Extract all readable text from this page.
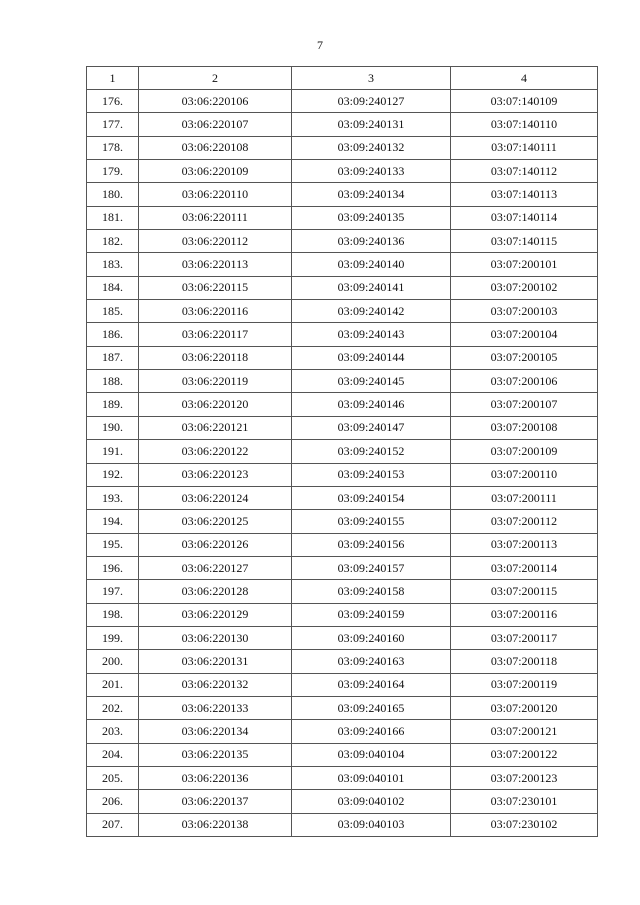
7
1	2	3	4
176.	03:06:220106	03:09:240127	03:07:140109
177.	03:06:220107	03:09:240131	03:07:140110
178.	03:06:220108	03:09:240132	03:07:140111
179.	03:06:220109	03:09:240133	03:07:140112
180.	03:06:220110	03:09:240134	03:07:140113
181.	03:06:220111	03:09:240135	03:07:140114
182.	03:06:220112	03:09:240136	03:07:140115
183.	03:06:220113	03:09:240140	03:07:200101
184.	03:06:220115	03:09:240141	03:07:200102
185.	03:06:220116	03:09:240142	03:07:200103
186.	03:06:220117	03:09:240143	03:07:200104
187.	03:06:220118	03:09:240144	03:07:200105
188.	03:06:220119	03:09:240145	03:07:200106
189.	03:06:220120	03:09:240146	03:07:200107
190.	03:06:220121	03:09:240147	03:07:200108
191.	03:06:220122	03:09:240152	03:07:200109
192.	03:06:220123	03:09:240153	03:07:200110
193.	03:06:220124	03:09:240154	03:07:200111
194.	03:06:220125	03:09:240155	03:07:200112
195.	03:06:220126	03:09:240156	03:07:200113
196.	03:06:220127	03:09:240157	03:07:200114
197.	03:06:220128	03:09:240158	03:07:200115
198.	03:06:220129	03:09:240159	03:07:200116
199.	03:06:220130	03:09:240160	03:07:200117
200.	03:06:220131	03:09:240163	03:07:200118
201.	03:06:220132	03:09:240164	03:07:200119
202.	03:06:220133	03:09:240165	03:07:200120
203.	03:06:220134	03:09:240166	03:07:200121
204.	03:06:220135	03:09:040104	03:07:200122
205.	03:06:220136	03:09:040101	03:07:200123
206.	03:06:220137	03:09:040102	03:07:230101
207.	03:06:220138	03:09:040103	03:07:230102
